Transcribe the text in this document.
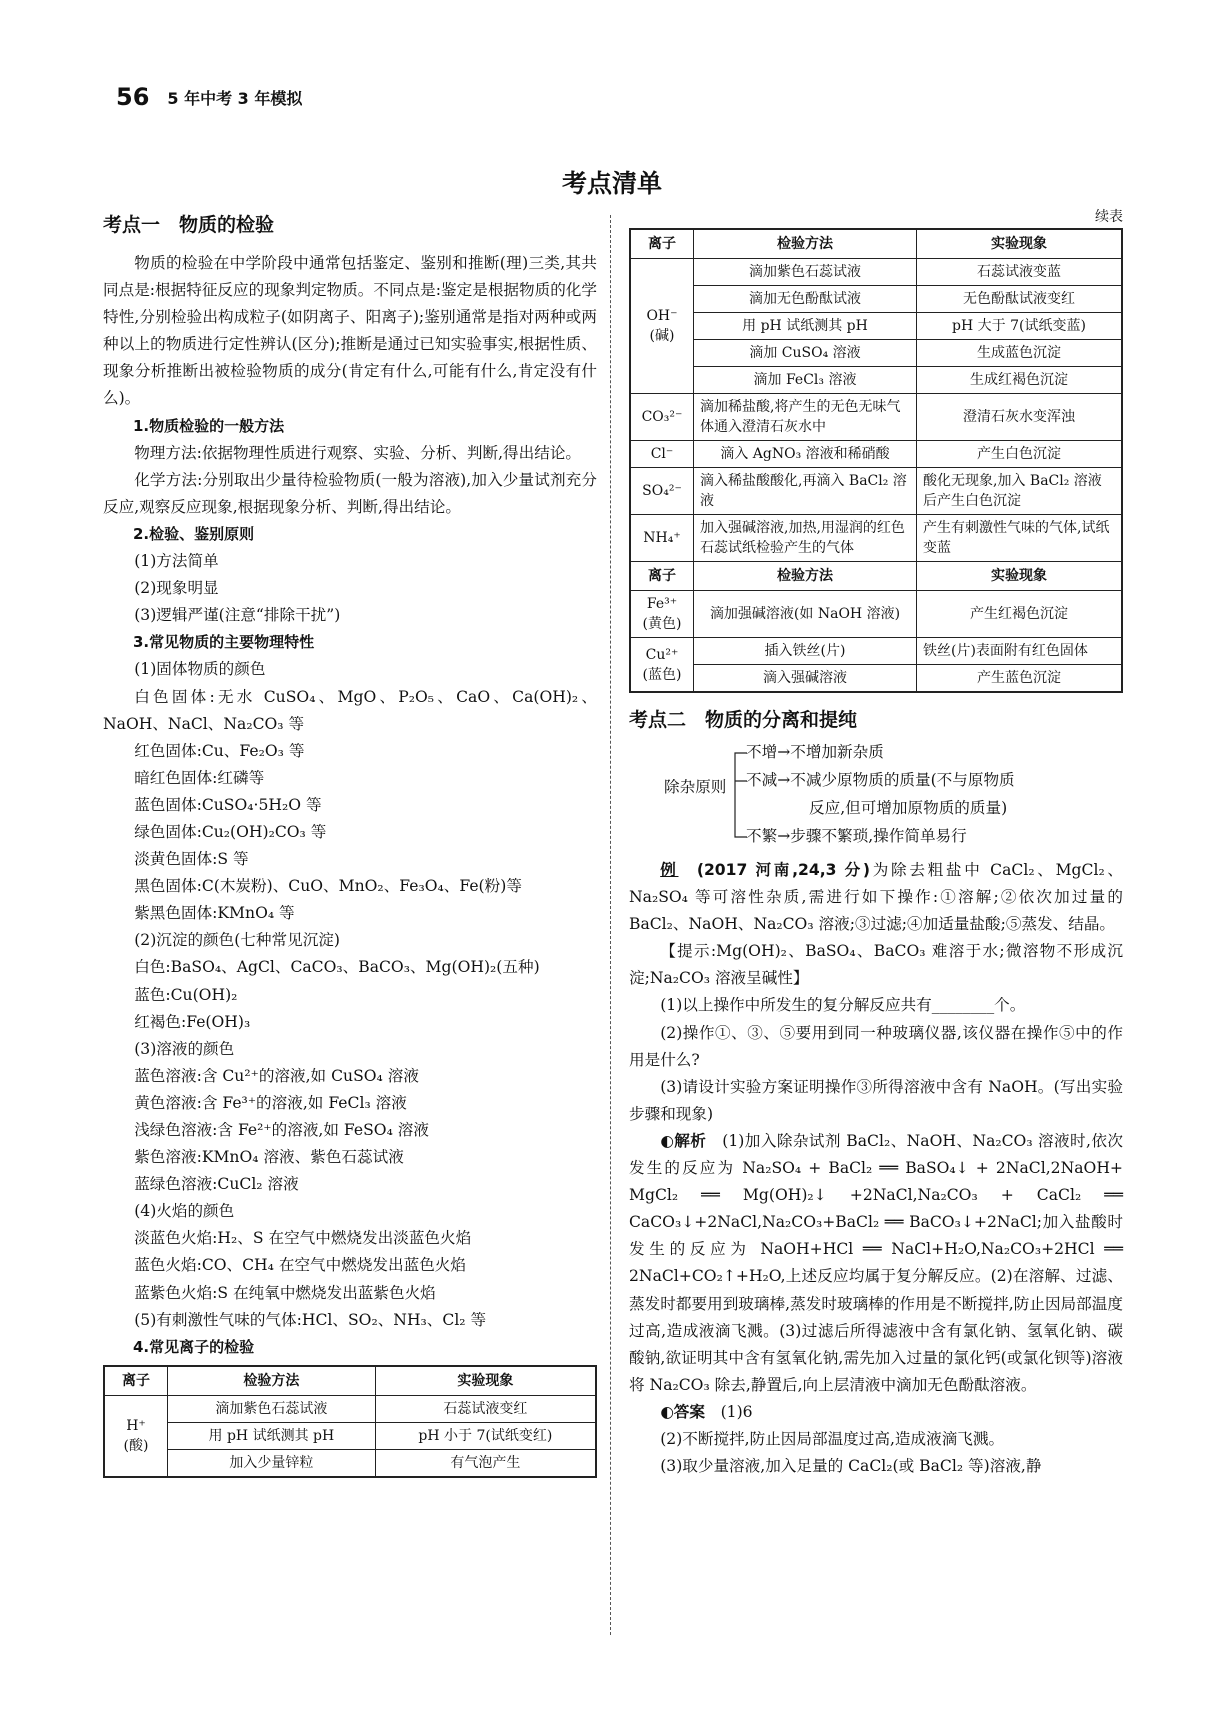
56 5 年中考 3 年模拟
考点清单
考点一　物质的检验

物质的检验在中学阶段中通常包括鉴定、鉴别和推断(理)三类,其共同点是:根据特征反应的现象判定物质。不同点是:鉴定是根据物质的化学特性,分别检验出构成粒子(如阴离子、阳离子);鉴别通常是指对两种或两种以上的物质进行定性辨认(区分);推断是通过已知实验事实,根据性质、现象分析推断出被检验物质的成分(肯定有什么,可能有什么,肯定没有什么)。

1.物质检验的一般方法

物理方法:依据物理性质进行观察、实验、分析、判断,得出结论。

化学方法:分别取出少量待检验物质(一般为溶液),加入少量试剂充分反应,观察反应现象,根据现象分析、判断,得出结论。

2.检验、鉴别原则

(1)方法简单

(2)现象明显

(3)逻辑严谨(注意“排除干扰”)

3.常见物质的主要物理特性

(1)固体物质的颜色

白色固体:无水 CuSO₄、MgO、P₂O₅、CaO、Ca(OH)₂、NaOH、NaCl、Na₂CO₃ 等

红色固体:Cu、Fe₂O₃ 等

暗红色固体:红磷等

蓝色固体:CuSO₄·5H₂O 等

绿色固体:Cu₂(OH)₂CO₃ 等

淡黄色固体:S 等

黑色固体:C(木炭粉)、CuO、MnO₂、Fe₃O₄、Fe(粉)等

紫黑色固体:KMnO₄ 等

(2)沉淀的颜色(七种常见沉淀)

白色:BaSO₄、AgCl、CaCO₃、BaCO₃、Mg(OH)₂(五种)

蓝色:Cu(OH)₂

红褐色:Fe(OH)₃

(3)溶液的颜色

蓝色溶液:含 Cu²⁺的溶液,如 CuSO₄ 溶液

黄色溶液:含 Fe³⁺的溶液,如 FeCl₃ 溶液

浅绿色溶液:含 Fe²⁺的溶液,如 FeSO₄ 溶液

紫色溶液:KMnO₄ 溶液、紫色石蕊试液

蓝绿色溶液:CuCl₂ 溶液

(4)火焰的颜色

淡蓝色火焰:H₂、S 在空气中燃烧发出淡蓝色火焰

蓝色火焰:CO、CH₄ 在空气中燃烧发出蓝色火焰

蓝紫色火焰:S 在纯氧中燃烧发出蓝紫色火焰

(5)有刺激性气味的气体:HCl、SO₂、NH₃、Cl₂ 等

4.常见离子的检验

离子	检验方法	实验现象
H⁺
(酸)	滴加紫色石蕊试液	石蕊试液变红
	用 pH 试纸测其 pH	pH 小于 7(试纸变红)
	加入少量锌粒	有气泡产生
续表
离子	检验方法	实验现象
OH⁻
(碱)	滴加紫色石蕊试液	石蕊试液变蓝
	滴加无色酚酞试液	无色酚酞试液变红
	用 pH 试纸测其 pH	pH 大于 7(试纸变蓝)
	滴加 CuSO₄ 溶液	生成蓝色沉淀
	滴加 FeCl₃ 溶液	生成红褐色沉淀
CO₃²⁻	滴加稀盐酸,将产生的无色无味气体通入澄清石灰水中	澄清石灰水变浑浊
Cl⁻	滴入 AgNO₃ 溶液和稀硝酸	产生白色沉淀
SO₄²⁻	滴入稀盐酸酸化,再滴入 BaCl₂ 溶液	酸化无现象,加入 BaCl₂ 溶液后产生白色沉淀
NH₄⁺	加入强碱溶液,加热,用湿润的红色石蕊试纸检验产生的气体	产生有刺激性气味的气体,试纸变蓝
离子	检验方法	实验现象
Fe³⁺
(黄色)	滴加强碱溶液(如 NaOH 溶液)	产生红褐色沉淀
Cu²⁺
(蓝色)	插入铁丝(片)	铁丝(片)表面附有红色固体
	滴入强碱溶液	产生蓝色沉淀
考点二　物质的分离和提纯
除杂原则
不增→不增加新杂质
不减→不减少原物质的质量(不与原物质
反应,但可增加原物质的质量)
不繁→步骤不繁琐,操作简单易行

例　 (2017 河南,24,3 分)为除去粗盐中 CaCl₂、MgCl₂、Na₂SO₄ 等可溶性杂质,需进行如下操作:①溶解;②依次加过量的 BaCl₂、NaOH、Na₂CO₃ 溶液;③过滤;④加适量盐酸;⑤蒸发、结晶。

【提示:Mg(OH)₂、BaSO₄、BaCO₃ 难溶于水;微溶物不形成沉淀;Na₂CO₃ 溶液呈碱性】

(1)以上操作中所发生的复分解反应共有________个。

(2)操作①、③、⑤要用到同一种玻璃仪器,该仪器在操作⑤中的作用是什么?

(3)请设计实验方案证明操作③所得溶液中含有 NaOH。(写出实验步骤和现象)

◐解析　 (1)加入除杂试剂 BaCl₂、NaOH、Na₂CO₃ 溶液时,依次发生的反应为 Na₂SO₄ + BaCl₂ ══ BaSO₄↓ + 2NaCl,2NaOH+ MgCl₂ ══ Mg(OH)₂↓ +2NaCl,Na₂CO₃ + CaCl₂ ══ CaCO₃↓+2NaCl,Na₂CO₃+BaCl₂ ══ BaCO₃↓+2NaCl;加入盐酸时发生的反应为 NaOH+HCl ══ NaCl+H₂O,Na₂CO₃+2HCl ══ 2NaCl+CO₂↑+H₂O,上述反应均属于复分解反应。(2)在溶解、过滤、蒸发时都要用到玻璃棒,蒸发时玻璃棒的作用是不断搅拌,防止因局部温度过高,造成液滴飞溅。(3)过滤后所得滤液中含有氯化钠、氢氧化钠、碳酸钠,欲证明其中含有氢氧化钠,需先加入过量的氯化钙(或氯化钡等)溶液将 Na₂CO₃ 除去,静置后,向上层清液中滴加无色酚酞溶液。

◐答案　 (1)6

(2)不断搅拌,防止因局部温度过高,造成液滴飞溅。

(3)取少量溶液,加入足量的 CaCl₂(或 BaCl₂ 等)溶液,静
